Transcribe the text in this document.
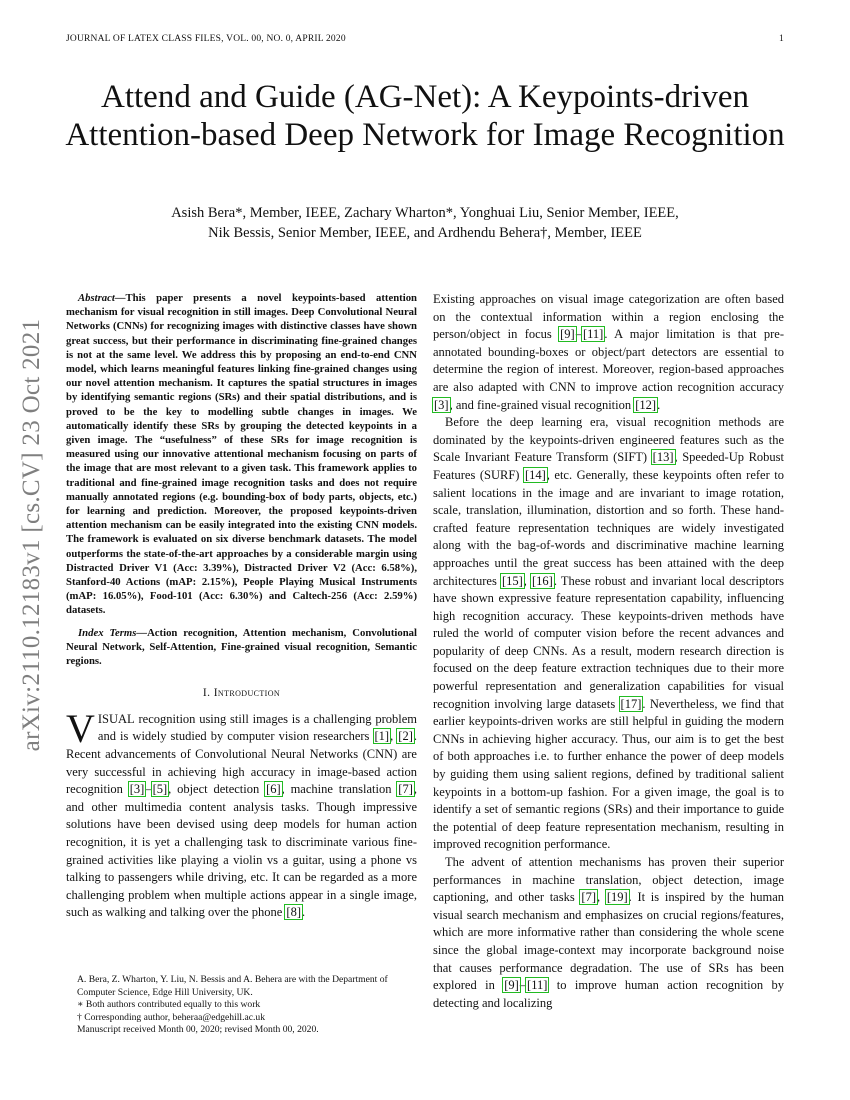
JOURNAL OF LATEX CLASS FILES, VOL. 00, NO. 0, APRIL 2020	1
Attend and Guide (AG-Net): A Keypoints-driven Attention-based Deep Network for Image Recognition
Asish Bera*, Member, IEEE, Zachary Wharton*, Yonghuai Liu, Senior Member, IEEE,
Nik Bessis, Senior Member, IEEE, and Ardhendu Behera†, Member, IEEE
arXiv:2110.12183v1 [cs.CV] 23 Oct 2021

Abstract—This paper presents a novel keypoints-based attention mechanism for visual recognition in still images. Deep Convolutional Neural Networks (CNNs) for recognizing images with distinctive classes have shown great success, but their performance in discriminating fine-grained changes is not at the same level. We address this by proposing an end-to-end CNN model, which learns meaningful features linking fine-grained changes using our novel attention mechanism. It captures the spatial structures in images by identifying semantic regions (SRs) and their spatial distributions, and is proved to be the key to modelling subtle changes in images. We automatically identify these SRs by grouping the detected keypoints in a given image. The “usefulness” of these SRs for image recognition is measured using our innovative attentional mechanism focusing on parts of the image that are most relevant to a given task. This framework applies to traditional and fine-grained image recognition tasks and does not require manually annotated regions (e.g. bounding-box of body parts, objects, etc.) for learning and prediction. Moreover, the proposed keypoints-driven attention mechanism can be easily integrated into the existing CNN models. The framework is evaluated on six diverse benchmark datasets. The model outperforms the state-of-the-art approaches by a considerable margin using Distracted Driver V1 (Acc: 3.39%), Distracted Driver V2 (Acc: 6.58%), Stanford-40 Actions (mAP: 2.15%), People Playing Musical Instruments (mAP: 16.05%), Food-101 (Acc: 6.30%) and Caltech-256 (Acc: 2.59%) datasets.

Index Terms—Action recognition, Attention mechanism, Convolutional Neural Network, Self-Attention, Fine-grained visual recognition, Semantic regions.

I. Introduction

VISUAL recognition using still images is a challenging problem and is widely studied by computer vision researchers [1], [2]. Recent advancements of Convolutional Neural Networks (CNN) are very successful in achieving high accuracy in image-based action recognition [3]–[5], object detection [6], machine translation [7], and other multimedia content analysis tasks. Though impressive solutions have been devised using deep models for human action recognition, it is yet a challenging task to discriminate various fine-grained activities like playing a violin vs a guitar, using a phone vs talking to passengers while driving, etc. It can be regarded as a more challenging problem when multiple actions appear in a single image, such as walking and talking over the phone [8].

A. Bera, Z. Wharton, Y. Liu, N. Bessis and A. Behera are with the Department of Computer Science, Edge Hill University, UK.

∗ Both authors contributed equally to this work

† Corresponding author, beheraa@edgehill.ac.uk

Manuscript received Month 00, 2020; revised Month 00, 2020.

Existing approaches on visual image categorization are often based on the contextual information within a region enclosing the person/object in focus [9]–[11]. A major limitation is that pre-annotated bounding-boxes or object/part detectors are essential to determine the region of interest. Moreover, region-based approaches are also adapted with CNN to improve action recognition accuracy [3], and fine-grained visual recognition [12].

Before the deep learning era, visual recognition methods are dominated by the keypoints-driven engineered features such as the Scale Invariant Feature Transform (SIFT) [13], Speeded-Up Robust Features (SURF) [14], etc. Generally, these keypoints often refer to salient locations in the image and are invariant to image rotation, scale, translation, illumination, distortion and so forth. These hand-crafted feature representation techniques are widely investigated along with the bag-of-words and discriminative machine learning approaches until the great success has been attained with the deep architectures [15], [16]. These robust and invariant local descriptors have shown expressive feature representation capability, influencing high recognition accuracy. These keypoints-driven methods have ruled the world of computer vision before the recent advances and popularity of deep CNNs. As a result, modern research direction is focused on the deep feature extraction techniques due to their more powerful representation and generalization capabilities for visual recognition involving large datasets [17]. Nevertheless, we find that earlier keypoints-driven works are still helpful in guiding the modern CNNs in achieving higher accuracy. Thus, our aim is to get the best of both approaches i.e. to further enhance the power of deep models by guiding them using salient regions, defined by traditional salient keypoints in a bottom-up fashion. For a given image, the goal is to identify a set of semantic regions (SRs) and their importance to guide the potential of deep feature representation mechanism, resulting in improved recognition performance.

The advent of attention mechanisms has proven their superior performances in machine translation, object detection, image captioning, and other tasks [7], [19]. It is inspired by the human visual search mechanism and emphasizes on crucial regions/features, which are more informative rather than considering the whole scene since the global image-context may incorporate background noise that causes performance degradation. The use of SRs has been explored in [9]–[11] to improve human action recognition by detecting and localizing
